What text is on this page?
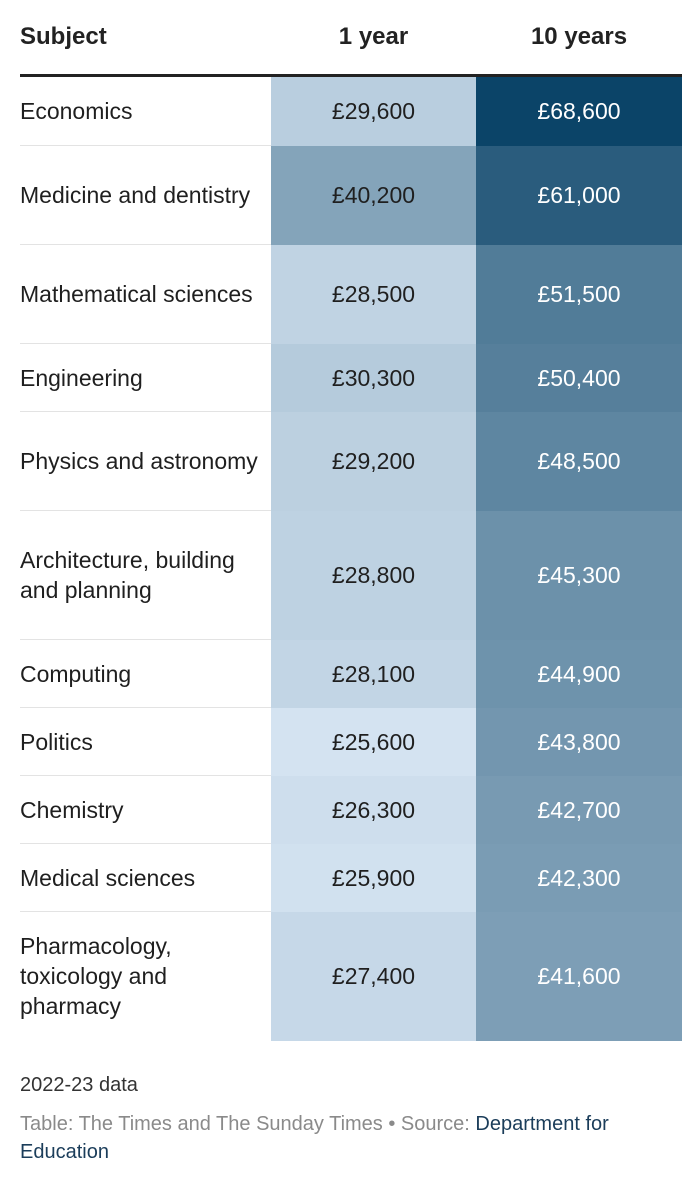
Subject	1 year	10 years
Economics	£29,600	£68,600
Medicine and dentistry	£40,200	£61,000
Mathematical sciences	£28,500	£51,500
Engineering	£30,300	£50,400
Physics and astronomy	£29,200	£48,500
Architecture, building and planning	£28,800	£45,300
Computing	£28,100	£44,900
Politics	£25,600	£43,800
Chemistry	£26,300	£42,700
Medical sciences	£25,900	£42,300
Pharmacology, toxicology and pharmacy	£27,400	£41,600
2022-23 data
Table: The Times and The Sunday Times • Source: Department for Education
